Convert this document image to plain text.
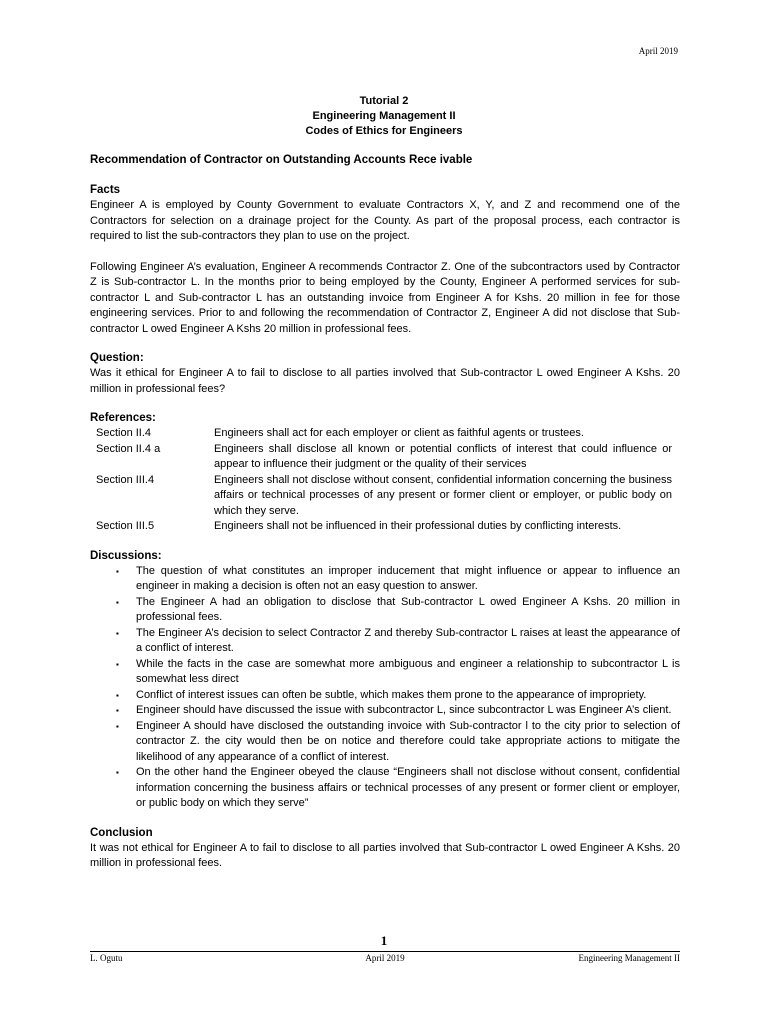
April 2019
Tutorial 2
Engineering Management II
Codes of Ethics for Engineers
Recommendation of Contractor on Outstanding Accounts Rece ivable
Facts

Engineer A is employed by County Government to evaluate Contractors X, Y, and Z and recommend one of the Contractors for selection on a drainage project for the County. As part of the proposal process, each contractor is required to list the sub-contractors they plan to use on the project.

Following Engineer A’s evaluation, Engineer A recommends Contractor Z. One of the subcontractors used by Contractor Z is Sub-contractor L. In the months prior to being employed by the County, Engineer A performed services for sub-contractor L and Sub-contractor L has an outstanding invoice from Engineer A for Kshs. 20 million in fee for those engineering services. Prior to and following the recommendation of Contractor Z, Engineer A did not disclose that Sub-contractor L owed Engineer A Kshs 20 million in professional fees.

Question:

Was it ethical for Engineer A to fail to disclose to all parties involved that Sub-contractor L owed Engineer A Kshs. 20 million in professional fees?

References:
Section II.4	Engineers shall act for each employer or client as faithful agents or trustees.
Section II.4 a	Engineers shall disclose all known or potential conflicts of interest that could influence or appear to influence their judgment or the quality of their services
Section III.4	Engineers shall not disclose without consent, confidential information concerning the business affairs or technical processes of any present or former client or employer, or public body on which they serve.
Section III.5	Engineers shall not be influenced in their professional duties by conflicting interests.
Discussions:
▪ The question of what constitutes an improper inducement that might influence or appear to influence an engineer in making a decision is often not an easy question to answer.
▪ The Engineer A had an obligation to disclose that Sub-contractor L owed Engineer A Kshs. 20 million in professional fees.
▪ The Engineer A’s decision to select Contractor Z and thereby Sub-contractor L raises at least the appearance of a conflict of interest.
▪ While the facts in the case are somewhat more ambiguous and engineer a relationship to subcontractor L is somewhat less direct
▪ Conflict of interest issues can often be subtle, which makes them prone to the appearance of impropriety.
▪ Engineer should have discussed the issue with subcontractor L, since subcontractor L was Engineer A’s client.
▪ Engineer A should have disclosed the outstanding invoice with Sub-contractor l to the city prior to selection of contractor Z. the city would then be on notice and therefore could take appropriate actions to mitigate the likelihood of any appearance of a conflict of interest.
▪ On the other hand the Engineer obeyed the clause “Engineers shall not disclose without consent, confidential information concerning the business affairs or technical processes of any present or former client or employer, or public body on which they serve”
Conclusion

It was not ethical for Engineer A to fail to disclose to all parties involved that Sub-contractor L owed Engineer A Kshs. 20 million in professional fees.

1
L. Ogutu	April 2019	Engineering Management II
